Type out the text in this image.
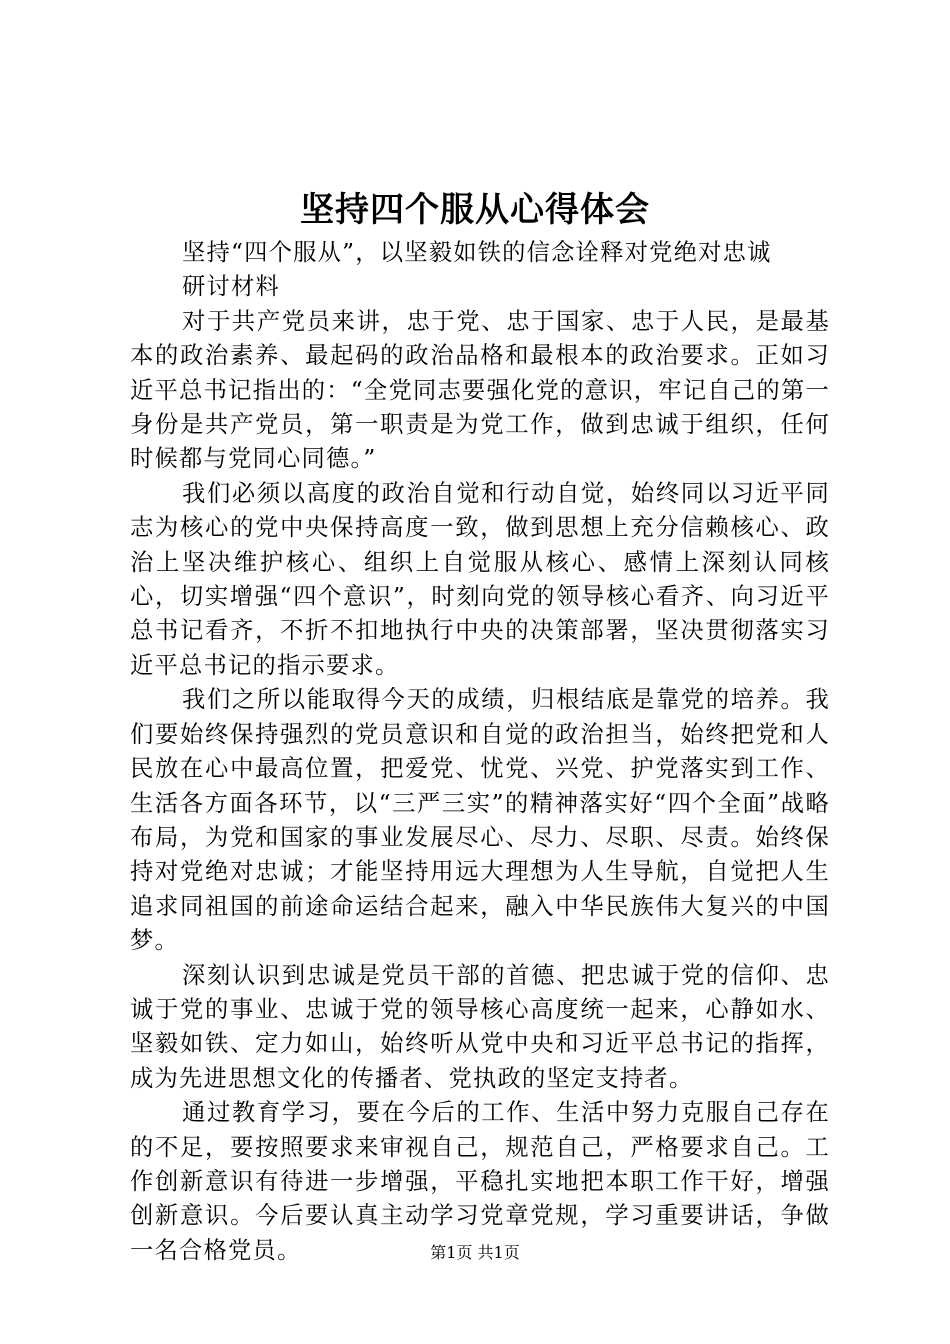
坚持四个服从心得体会

坚持“四个服从”，以坚毅如铁的信念诠释对党绝对忠诚

研讨材料

对于共产党员来讲，忠于党、忠于国家、忠于人民，是最基本的政治素养、最起码的政治品格和最根本的政治要求。正如习近平总书记指出的：“全党同志要强化党的意识，牢记自己的第一身份是共产党员，第一职责是为党工作，做到忠诚于组织，任何时候都与党同心同德。”

我们必须以高度的政治自觉和行动自觉，始终同以习近平同志为核心的党中央保持高度一致，做到思想上充分信赖核心、政治上坚决维护核心、组织上自觉服从核心、感情上深刻认同核心，切实增强“四个意识”，时刻向党的领导核心看齐、向习近平总书记看齐，不折不扣地执行中央的决策部署，坚决贯彻落实习近平总书记的指示要求。

我们之所以能取得今天的成绩，归根结底是靠党的培养。我们要始终保持强烈的党员意识和自觉的政治担当，始终把党和人民放在心中最高位置，把爱党、忧党、兴党、护党落实到工作、生活各方面各环节，以“三严三实”的精神落实好“四个全面”战略布局，为党和国家的事业发展尽心、尽力、尽职、尽责。始终保持对党绝对忠诚；才能坚持用远大理想为人生导航，自觉把人生追求同祖国的前途命运结合起来，融入中华民族伟大复兴的中国梦。

深刻认识到忠诚是党员干部的首德、把忠诚于党的信仰、忠诚于党的事业、忠诚于党的领导核心高度统一起来，心静如水、坚毅如铁、定力如山，始终听从党中央和习近平总书记的指挥，成为先进思想文化的传播者、党执政的坚定支持者。

通过教育学习，要在今后的工作、生活中努力克服自己存在的不足，要按照要求来审视自己，规范自己，严格要求自己。工作创新意识有待进一步增强，平稳扎实地把本职工作干好，增强创新意识。今后要认真主动学习党章党规，学习重要讲话，争做一名合格党员。	第1页 共1页
